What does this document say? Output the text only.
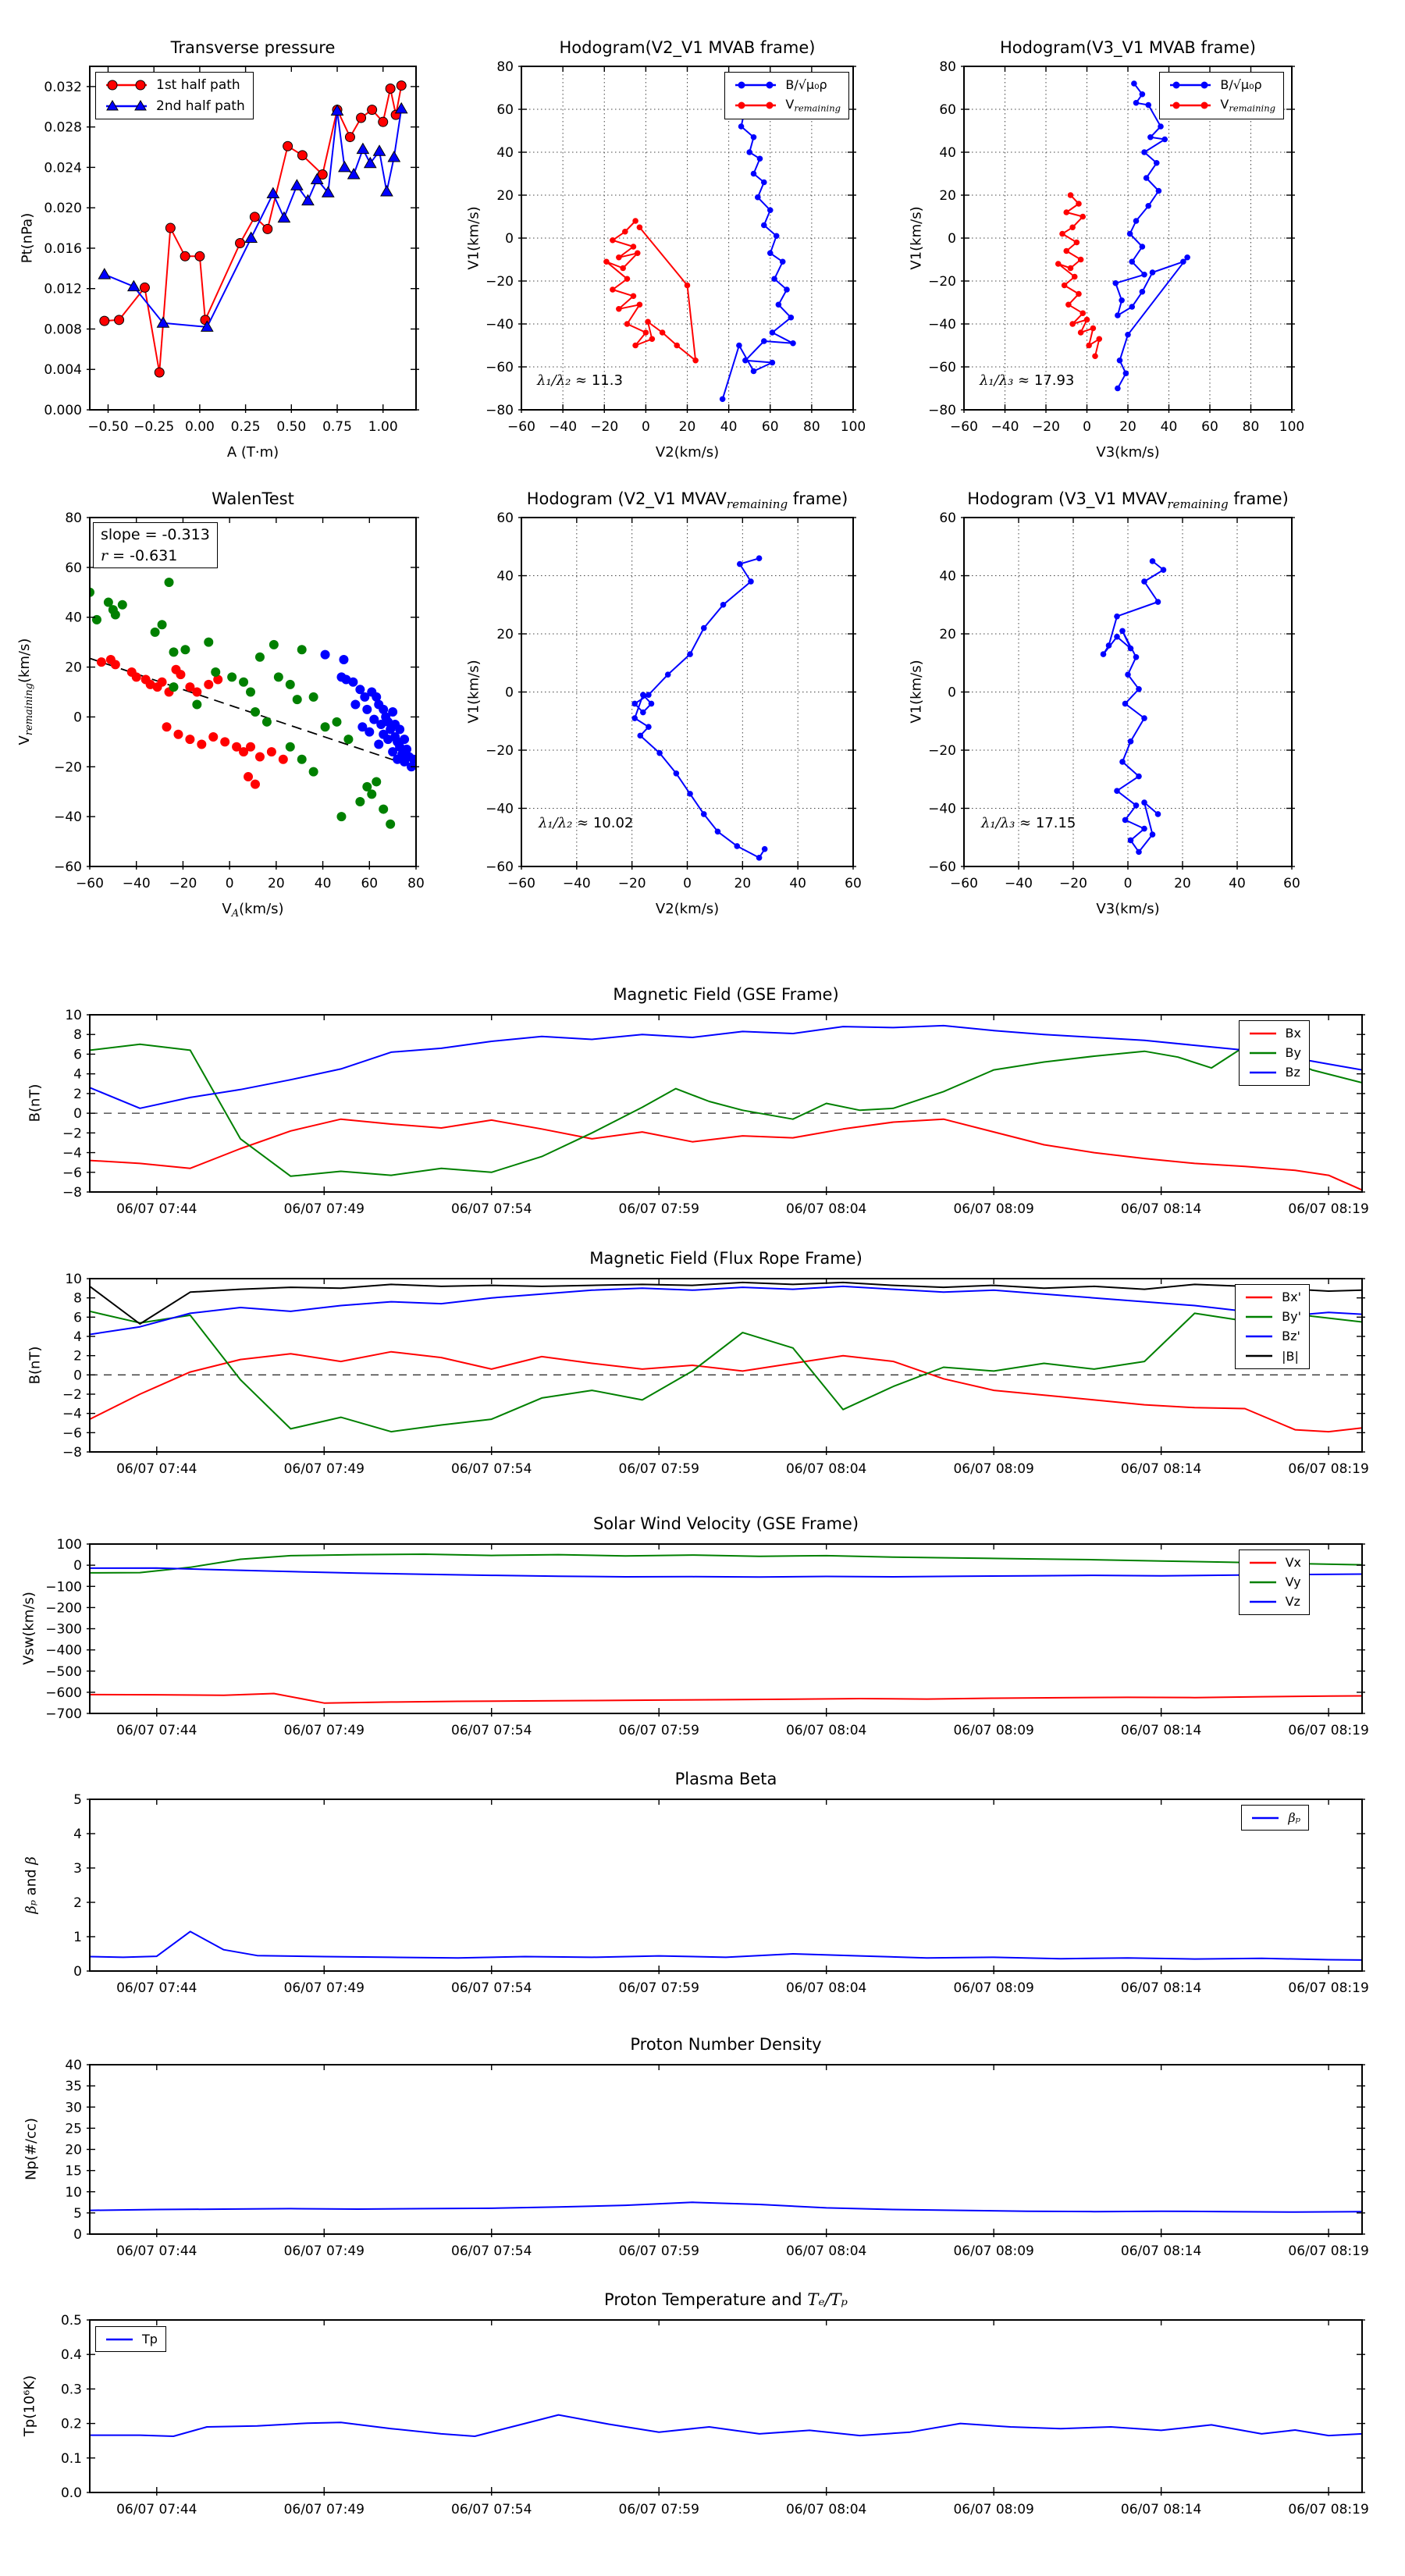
−0.50 −0.25 0.00 0.25 0.50 0.75 1.00
0.000
0.004
0.008
0.012
0.016
0.020
0.024
0.028
0.032
−60 −40 −20 0 20 40 60 80 100
−80
−60
−40
−20
0
20
40
60
80
−60 −40 −20 0 20 40 60 80 100
−80
−60
−40
−20
0
20
40
60
80
−60 −40 −20 0	20 40 60 80
−60
−40
−20
0
20
40
60
80
−60 −40 −20	0	20	40	60
−60
−40
−20
0
20
40
60
−60 −40 −20	0	20	40	60
−60
−40
−20
0
20
40
60
06/07 07:44	06/07 07:49	06/07 07:54	06/07 07:59	06/07 08:04	06/07 08:09	06/07 08:14	06/07 08:19
−8
−6
−4
−2
0
2
4
6
8
10
06/07 07:44	06/07 07:49	06/07 07:54	06/07 07:59	06/07 08:04	06/07 08:09	06/07 08:14	06/07 08:19
−8
−6
−4
−2
0
2
4
6
8
10
06/07 07:44	06/07 07:49	06/07 07:54	06/07 07:59	06/07 08:04	06/07 08:09	06/07 08:14	06/07 08:19
−700
−600
−500
−400
−300
−200
−100
0
100
06/07 07:44	06/07 07:49	06/07 07:54	06/07 07:59	06/07 08:04	06/07 08:09	06/07 08:14	06/07 08:19
0
1
2
3
4
5
06/07 07:44	06/07 07:49	06/07 07:54	06/07 07:59	06/07 08:04	06/07 08:09	06/07 08:14	06/07 08:19
0
5
10
15
20
25
30
35
40
06/07 07:44	06/07 07:49	06/07 07:54	06/07 07:59	06/07 08:04	06/07 08:09	06/07 08:14	06/07 08:19
0.0
0.1
0.2
0.3
0.4
0.5
Transverse pressure	Hodogram(V2_V1 MVAB frame)	Hodogram(V3_V1 MVAB frame)
WalenTest	Hodogram (V2_V1 $MVAV_{remaining}$ frame)	Hodogram (V3_V1 $MVAV_{remaining}$ frame)
Magnetic Field (GSE Frame)
Magnetic Field (Flux Rope Frame)
Solar Wind Velocity (GSE Frame)
Plasma Beta
Proton Number Density
Proton Temperature and Tₑ/Tₚ
Pt(nPa)	V1(km/s)	V1(km/s)
$V_{remaining}(km/s)$	V1(km/s)	V1(km/s)
B(nT)
B(nT)
Vsw(km/s)
βₚ and β
Np(#/cc)
Tp(10⁶K)
A (T·m)	V2(km/s)	V3(km/s)
$V_A(km/s)$	V2(km/s)	V3(km/s)
1st half path
2nd half path
B/√μ₀ρ
$V_{remaining}$
B/√μ₀ρ
$V_{remaining}$
Bx
By
Bz
Bx'
By'
Bz'
|B|
Vx
Vy
Vz
βₚ
Tp
slope = -0.313
r = -0.631
λ₁/λ₂ ≈ 11.3	λ₁/λ₃ ≈ 17.93
λ₁/λ₂ ≈ 10.02	λ₁/λ₃ ≈ 17.15
